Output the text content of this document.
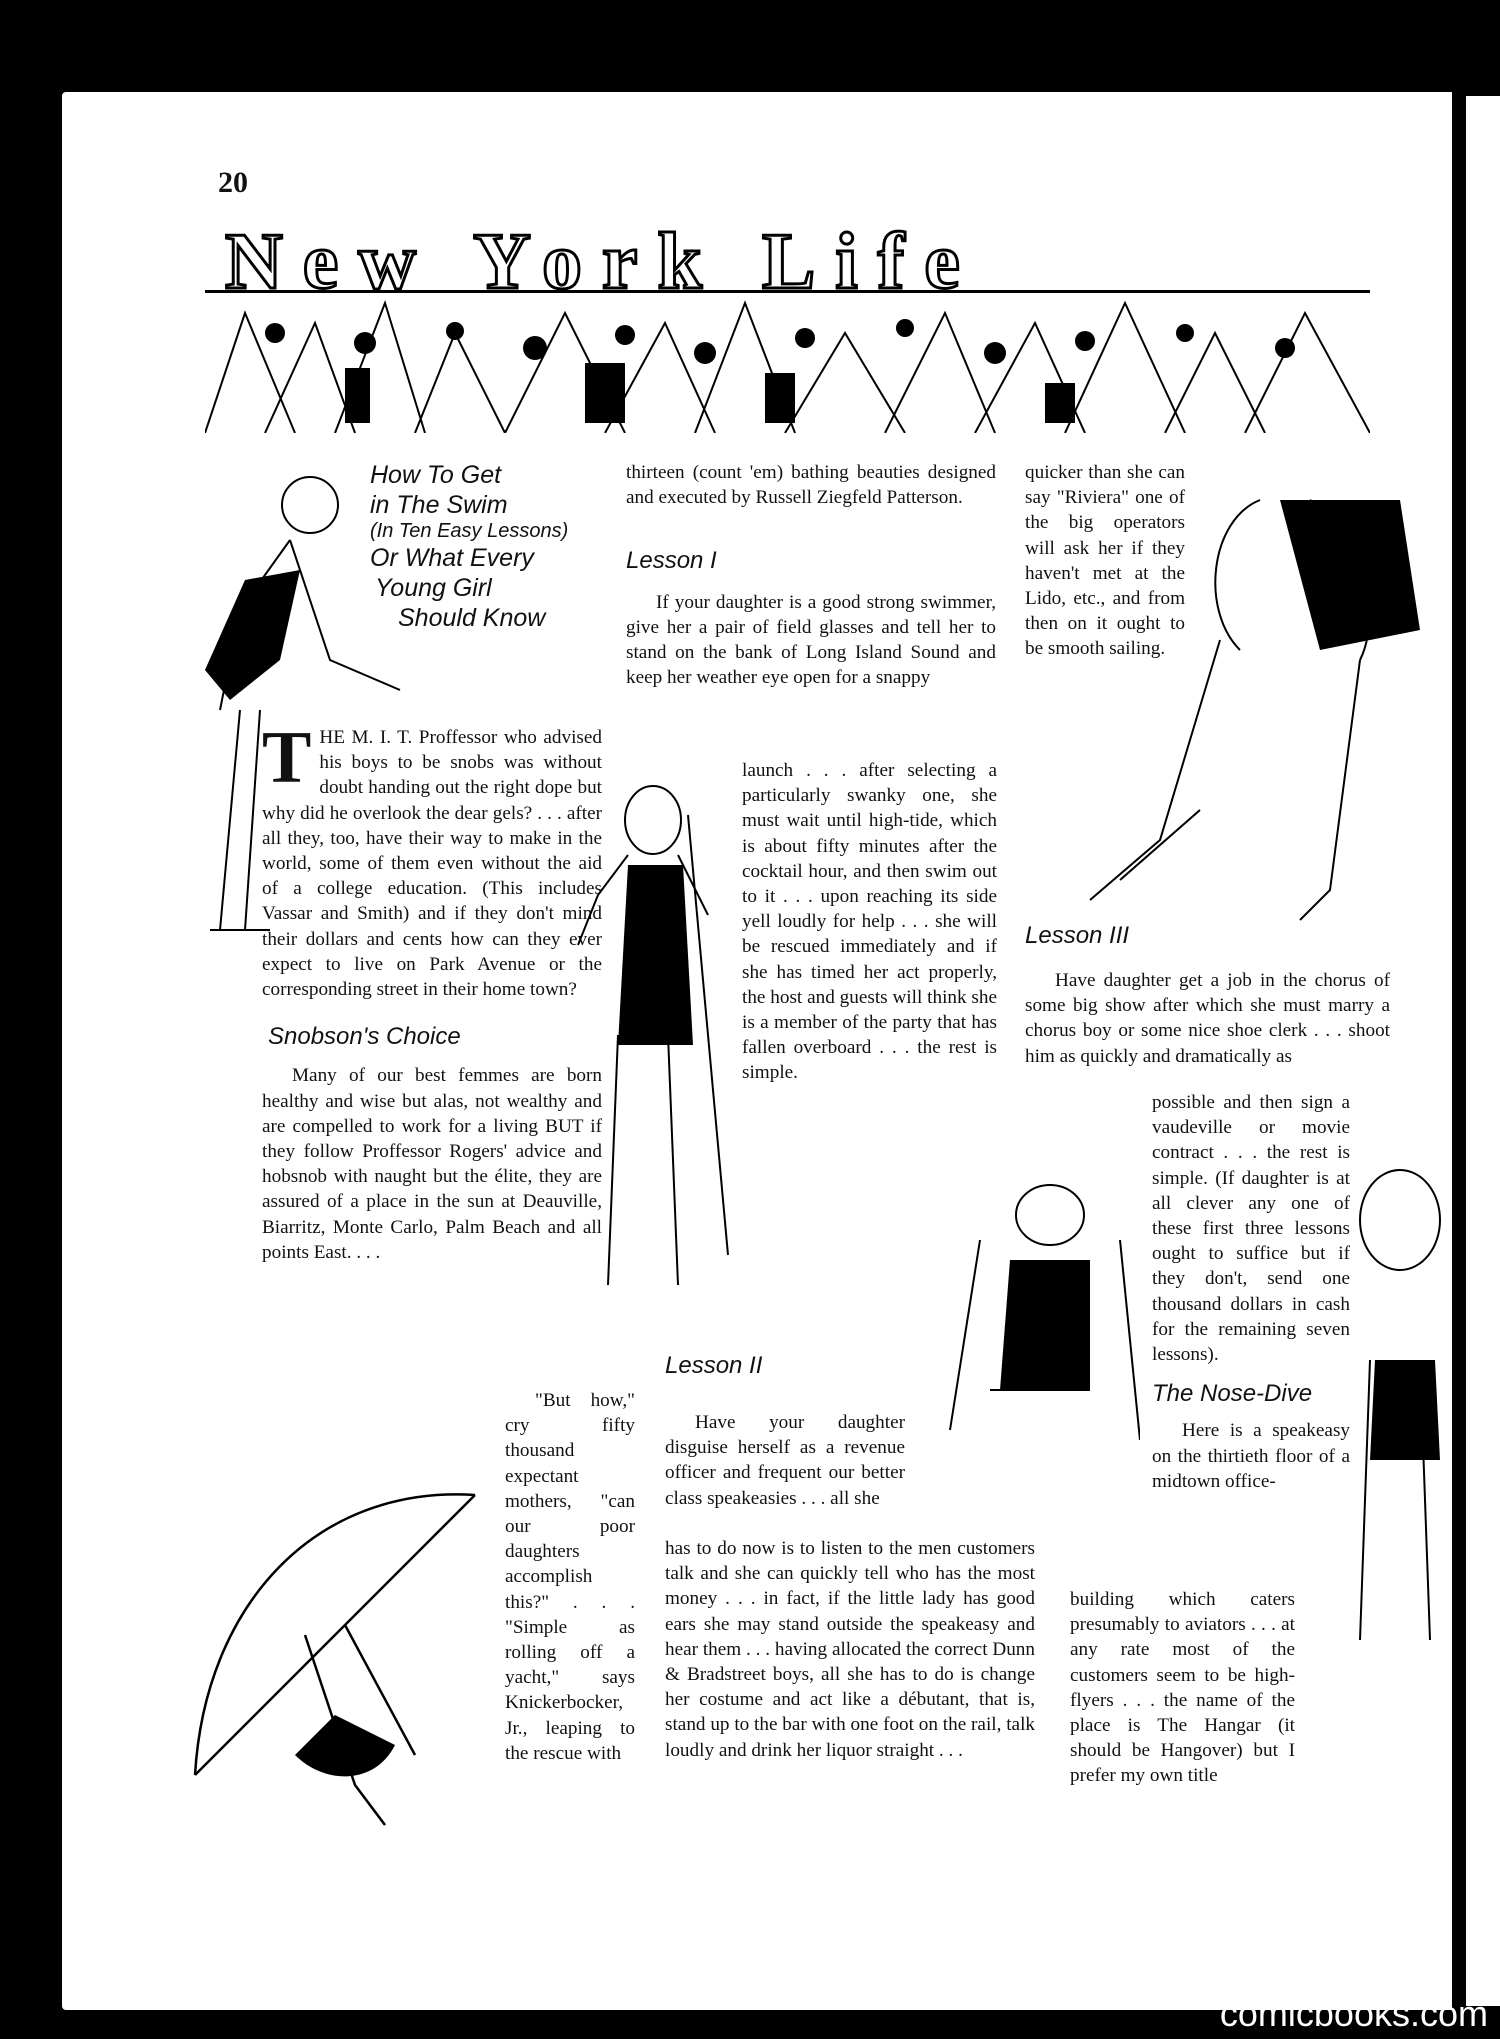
20
New York Life
How To Get
in The Swim
(In Ten Easy Lessons)
Or What Every
Young Girl
Should Know

THE M. I. T. Proffessor who advised his boys to be snobs was without doubt handing out the right dope but why did he overlook the dear gels? . . . after all they, too, have their way to make in the world, some of them even without the aid of a college education. (This includes Vassar and Smith) and if they don't mind their dollars and cents how can they ever expect to live on Park Avenue or the corresponding street in their home town?

Snobson's Choice

Many of our best femmes are born healthy and wise but alas, not wealthy and are compelled to work for a living BUT if they follow Proffessor Rogers' advice and hobsnob with naught but the élite, they are assured of a place in the sun at Deauville, Biarritz, Monte Carlo, Palm Beach and all points East. . . .

"But how," cry fifty thousand expectant mothers, "can our poor daughters accomplish this?" . . . "Simple as rolling off a yacht," says Knickerbocker, Jr., leaping to the rescue with

thirteen (count 'em) bathing beauties designed and executed by Russell Ziegfeld Patterson.

Lesson I

If your daughter is a good strong swimmer, give her a pair of field glasses and tell her to stand on the bank of Long Island Sound and keep her weather eye open for a snappy

launch . . . after selecting a particularly swanky one, she must wait until high-tide, which is about fifty minutes after the cocktail hour, and then swim out to it . . . upon reaching its side yell loudly for help . . . she will be rescued immediately and if she has timed her act properly, the host and guests will think she is a member of the party that has fallen overboard . . . the rest is simple.

Lesson II

Have your daughter disguise herself as a revenue officer and frequent our better class speakeasies . . . all she

has to do now is to listen to the men customers talk and she can quickly tell who has the most money . . . in fact, if the little lady has good ears she may stand outside the speakeasy and hear them . . . having allocated the correct Dunn & Bradstreet boys, all she has to do is change her costume and act like a débutant, that is, stand up to the bar with one foot on the rail, talk loudly and drink her liquor straight . . .

quicker than she can say "Riviera" one of the big operators will ask her if they haven't met at the Lido, etc., and from then on it ought to be smooth sailing.

Lesson III

Have daughter get a job in the chorus of some big show after which she must marry a chorus boy or some nice shoe clerk . . . shoot him as quickly and dramatically as

possible and then sign a vaudeville or movie contract . . . the rest is simple. (If daughter is at all clever any one of these first three lessons ought to suffice but if they don't, send one thousand dollars in cash for the remaining seven lessons).

The Nose-Dive

Here is a speakeasy on the thirtieth floor of a midtown office-

building which caters presumably to aviators . . . at any rate most of the customers seem to be high-flyers . . . the name of the place is The Hangar (it should be Hangover) but I prefer my own title

comicbooks.com
